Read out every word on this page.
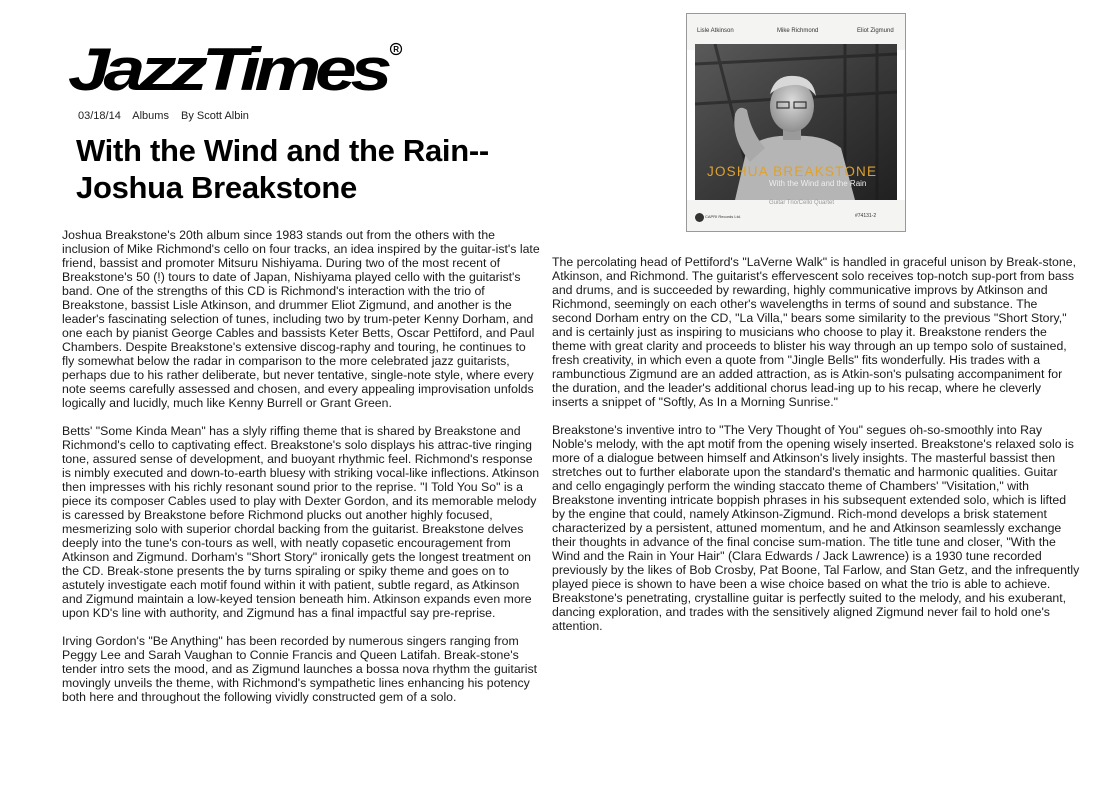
JazzTimes R
03/18/14 Albums By Scott Albin
With the Wind and the Rain-- Joshua Breakstone

Joshua Breakstone's 20th album since 1983 stands out from the others with the inclusion of Mike Richmond's cello on four tracks, an idea inspired by the guitar-ist's late friend, bassist and promoter Mitsuru Nishiyama. During two of the most recent of Breakstone's 50 (!) tours to date of Japan, Nishiyama played cello with the guitarist's band. One of the strengths of this CD is Richmond's interaction with the trio of Breakstone, bassist Lisle Atkinson, and drummer Eliot Zigmund, and another is the leader's fascinating selection of tunes, including two by trum-peter Kenny Dorham, and one each by pianist George Cables and bassists Keter Betts, Oscar Pettiford, and Paul Chambers. Despite Breakstone's extensive discog-raphy and touring, he continues to fly somewhat below the radar in comparison to the more celebrated jazz guitarists, perhaps due to his rather deliberate, but never tentative, single-note style, where every note seems carefully assessed and chosen, and every appealing improvisation unfolds logically and lucidly, much like Kenny Burrell or Grant Green.

Betts' "Some Kinda Mean" has a slyly riffing theme that is shared by Breakstone and Richmond's cello to captivating effect. Breakstone's solo displays his attrac-tive ringing tone, assured sense of development, and buoyant rhythmic feel. Richmond's response is nimbly executed and down-to-earth bluesy with striking vocal-like inflections. Atkinson then impresses with his richly resonant sound prior to the reprise. "I Told You So" is a piece its composer Cables used to play with Dexter Gordon, and its memorable melody is caressed by Breakstone before Richmond plucks out another highly focused, mesmerizing solo with superior chordal backing from the guitarist. Breakstone delves deeply into the tune's con-tours as well, with neatly copasetic encouragement from Atkinson and Zigmund. Dorham's "Short Story" ironically gets the longest treatment on the CD. Break-stone presents the by turns spiraling or spiky theme and goes on to astutely investigate each motif found within it with patient, subtle regard, as Atkinson and Zigmund maintain a low-keyed tension beneath him. Atkinson expands even more upon KD's line with authority, and Zigmund has a final impactful say pre-reprise.

Irving Gordon's "Be Anything" has been recorded by numerous singers ranging from Peggy Lee and Sarah Vaughan to Connie Francis and Queen Latifah. Break-stone's tender intro sets the mood, and as Zigmund launches a bossa nova rhythm the guitarist movingly unveils the theme, with Richmond's sympathetic lines enhancing his potency both here and throughout the following vividly constructed gem of a solo.

The percolating head of Pettiford's "LaVerne Walk" is handled in graceful unison by Break-stone, Atkinson, and Richmond. The guitarist's effervescent solo receives top-notch sup-port from bass and drums, and is succeeded by rewarding, highly communicative improvs by Atkinson and Richmond, seemingly on each other's wavelengths in terms of sound and substance. The second Dorham entry on the CD, "La Villa," bears some similarity to the previous "Short Story," and is certainly just as inspiring to musicians who choose to play it. Breakstone renders the theme with great clarity and proceeds to blister his way through an up tempo solo of sustained, fresh creativity, in which even a quote from "Jingle Bells" fits wonderfully. His trades with a rambunctious Zigmund are an added attraction, as is Atkin-son's pulsating accompaniment for the duration, and the leader's additional chorus lead-ing up to his recap, where he cleverly inserts a snippet of "Softly, As In a Morning Sunrise."

Breakstone's inventive intro to "The Very Thought of You" segues oh-so-smoothly into Ray Noble's melody, with the apt motif from the opening wisely inserted. Breakstone's relaxed solo is more of a dialogue between himself and Atkinson's lively insights. The masterful bassist then stretches out to further elaborate upon the standard's thematic and harmonic qualities. Guitar and cello engagingly perform the winding staccato theme of Chambers' "Visitation," with Breakstone inventing intricate boppish phrases in his subsequent extended solo, which is lifted by the engine that could, namely Atkinson-Zigmund. Rich-mond develops a brisk statement characterized by a persistent, attuned momentum, and he and Atkinson seamlessly exchange their thoughts in advance of the final concise sum-mation. The title tune and closer, "With the Wind and the Rain in Your Hair" (Clara Edwards / Jack Lawrence) is a 1930 tune recorded previously by the likes of Bob Crosby, Pat Boone, Tal Farlow, and Stan Getz, and the infrequently played piece is shown to have been a wise choice based on what the trio is able to achieve. Breakstone's penetrating, crystalline guitar is perfectly suited to the melody, and his exuberant, dancing exploration, and trades with the sensitively aligned Zigmund never fail to hold one's attention.

Lisle Atkinson	Mike Richmond	Eliot Zigmund
JOSHUA BREAKSTONE
With the Wind and the Rain
Guitar Trio/Cello Quartet
CAPRI Records Ltd.	#74131-2
